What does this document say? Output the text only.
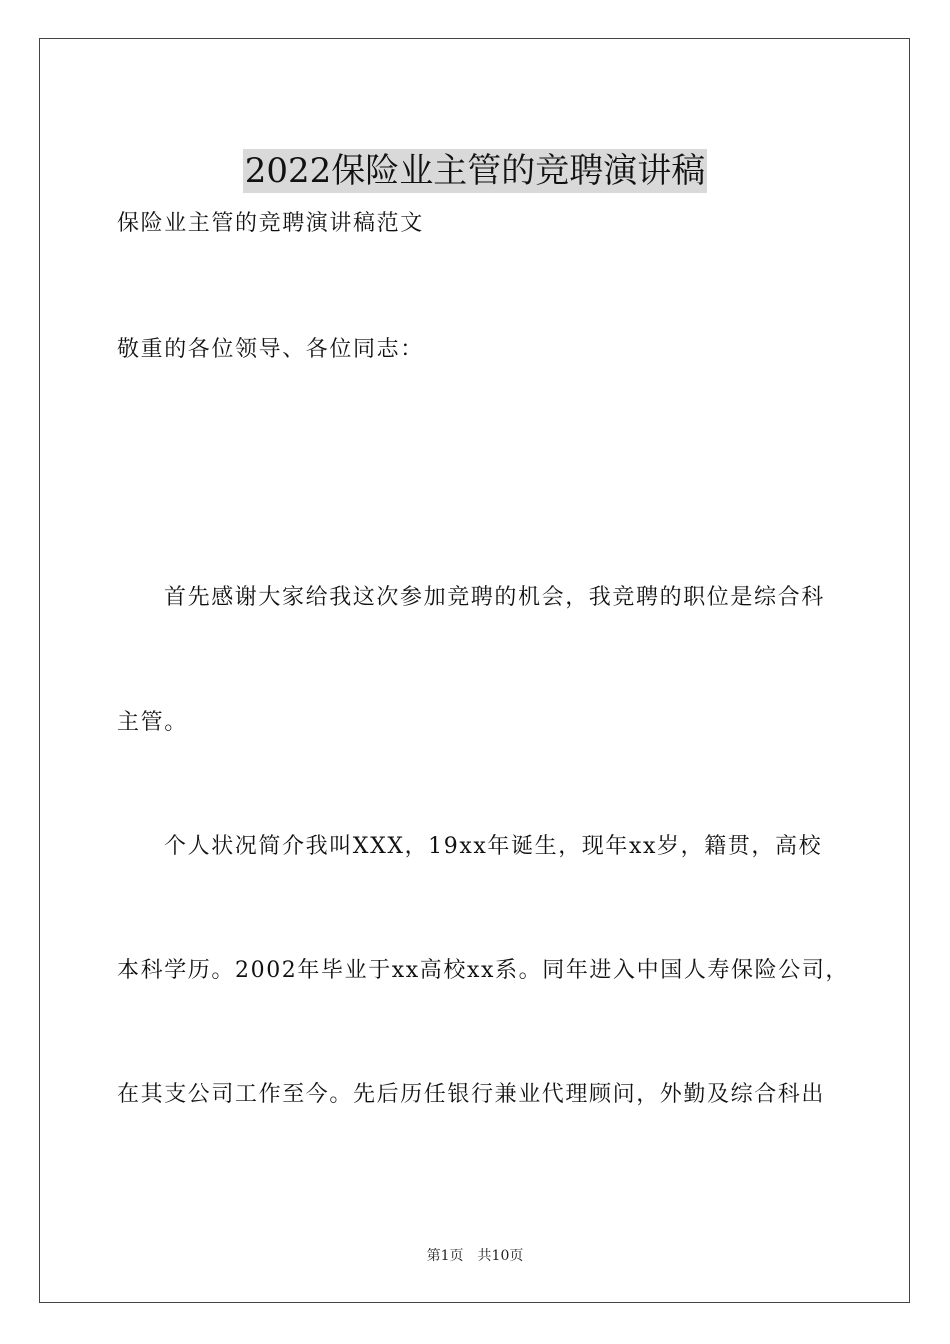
2022保险业主管的竞聘演讲稿
保险业主管的竞聘演讲稿范文
敬重的各位领导、各位同志：
首先感谢大家给我这次参加竞聘的机会，我竞聘的职位是综合科
主管。
个人状况简介我叫XXX，19xx年诞生，现年xx岁，籍贯，高校
本科学历。2002年毕业于xx高校xx系。同年进入中国人寿保险公司，
在其支公司工作至今。先后历任银行兼业代理顾问，外勤及综合科出
第1页 共10页
